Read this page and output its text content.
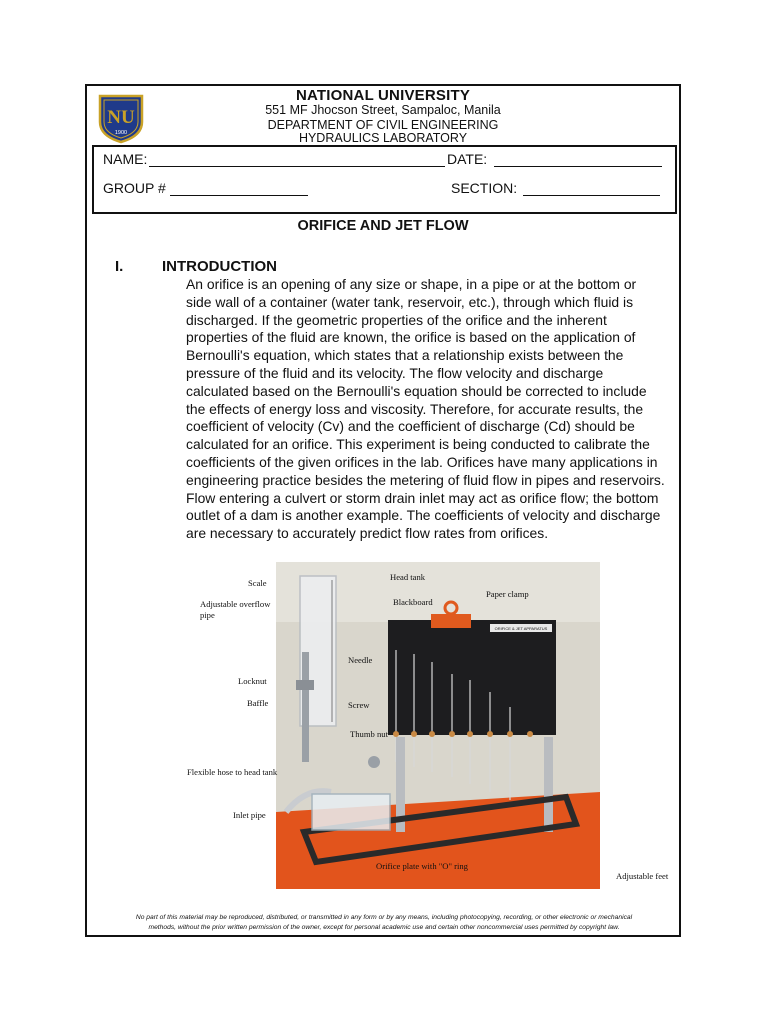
NU
1900
NATIONAL UNIVERSITY
551 MF Jhocson Street, Sampaloc, Manila
DEPARTMENT OF CIVIL ENGINEERING
HYDRAULICS LABORATORY
NAME:	DATE:
GROUP #	SECTION:
ORIFICE AND JET FLOW
I.	INTRODUCTION
An orifice is an opening of any size or shape, in a pipe or at the bottom or
side wall of a container (water tank, reservoir, etc.), through which fluid is
discharged. If the geometric properties of the orifice and the inherent
properties of the fluid are known, the orifice is based on the application of
Bernoulli's equation, which states that a relationship exists between the
pressure of the fluid and its velocity. The flow velocity and discharge
calculated based on the Bernoulli's equation should be corrected to include
the effects of energy loss and viscosity. Therefore, for accurate results, the
coefficient of velocity (Cv) and the coefficient of discharge (Cd) should be
calculated for an orifice. This experiment is being conducted to calibrate the
coefficients of the given orifices in the lab. Orifices have many applications in
engineering practice besides the metering of fluid flow in pipes and reservoirs.
Flow entering a culvert or storm drain inlet may act as orifice flow; the bottom
outlet of a dam is another example. The coefficients of velocity and discharge
are necessary to accurately predict flow rates from orifices.
ORIFICE & JET APPARATUS
Scale
Adjustable overflow
pipe
Locknut
Baffle
Flexible hose to head tank
Inlet pipe
Head tank
Blackboard
Paper clamp
Needle
Screw
Thumb nut
Orifice plate with "O" ring
Adjustable feet
No part of this material may be reproduced, distributed, or transmitted in any form or by any means, including photocopying, recording, or other electronic or mechanical
methods, without the prior written permission of the owner, except for personal academic use and certain other noncommercial uses permitted by copyright law.
